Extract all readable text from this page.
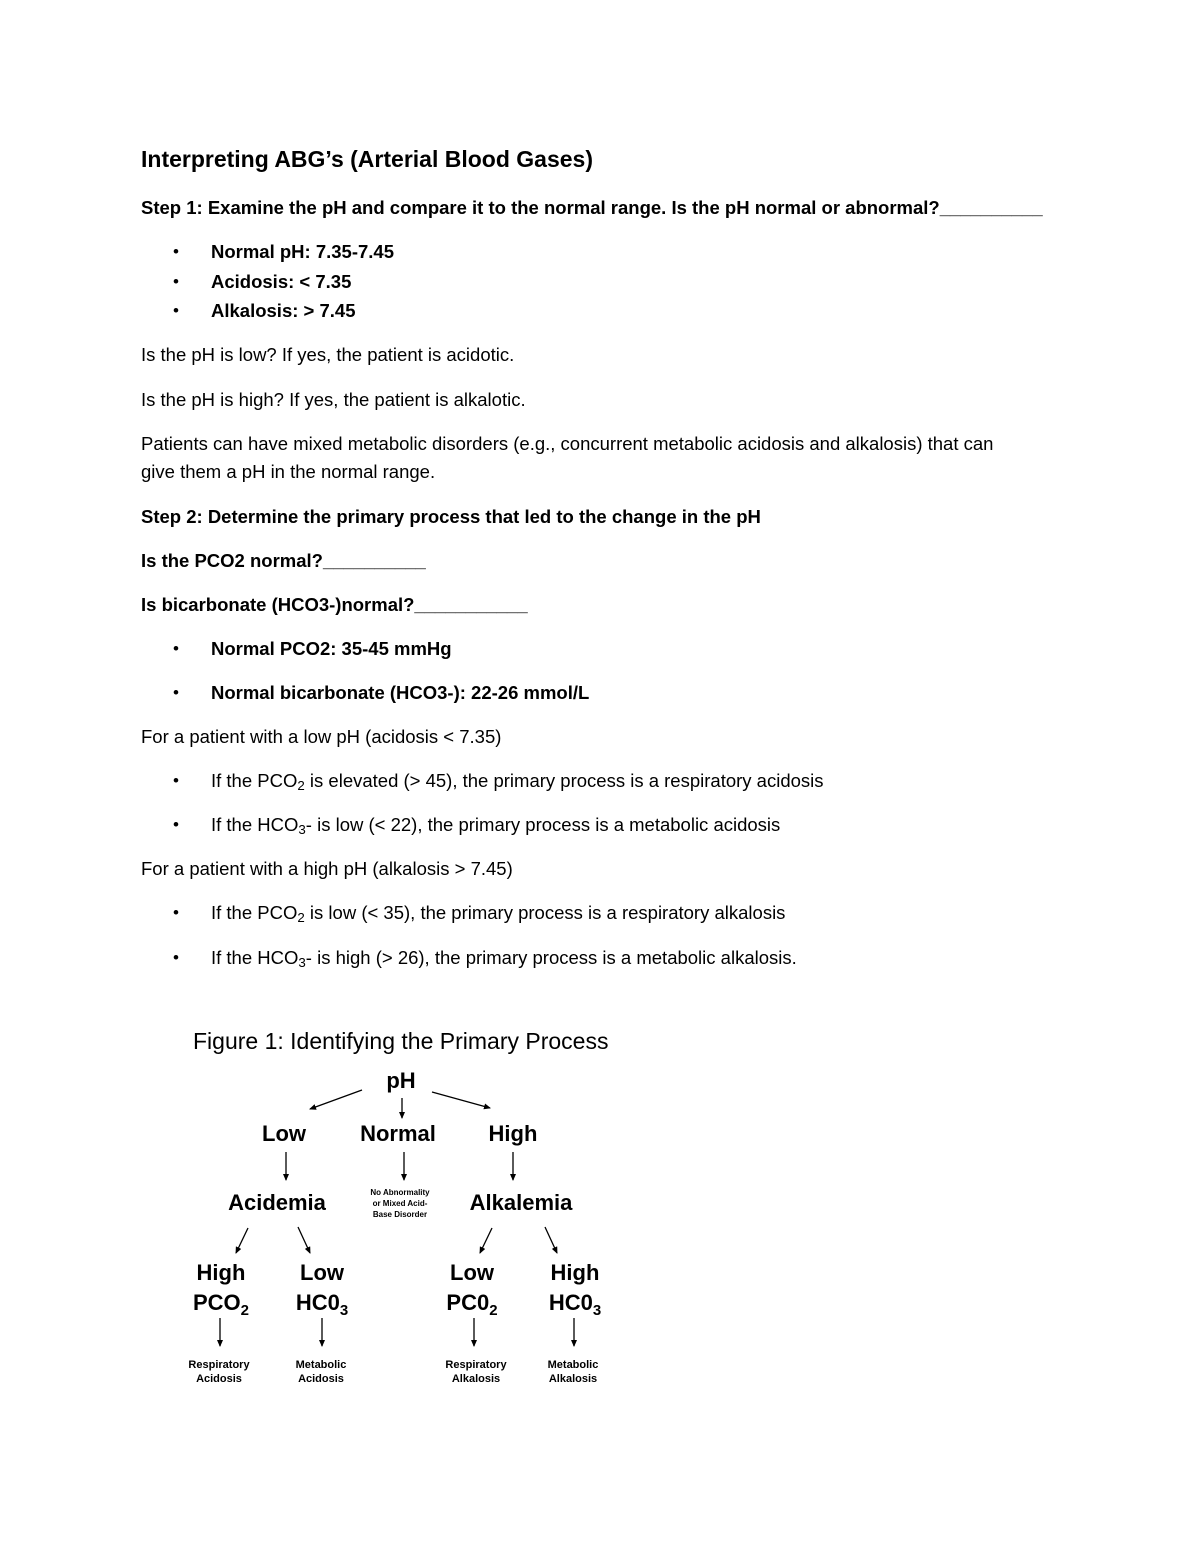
Interpreting ABG’s (Arterial Blood Gases)
Step 1: Examine the pH and compare it to the normal range. Is the pH normal or abnormal?__________
•
Normal pH: 7.35-7.45
•
Acidosis: < 7.35
•
Alkalosis: > 7.45
Is the pH is low? If yes, the patient is acidotic.
Is the pH is high? If yes, the patient is alkalotic.
Patients can have mixed metabolic disorders (e.g., concurrent metabolic acidosis and alkalosis) that can
give them a pH in the normal range.
Step 2: Determine the primary process that led to the change in the pH
Is the PCO2 normal?__________
Is bicarbonate (HCO3-)normal?___________
•
Normal PCO2: 35-45 mmHg
•
Normal bicarbonate (HCO3-): 22-26 mmol/L
For a patient with a low pH (acidosis < 7.35)
•
If the $PCO_2$ is elevated (> 45), the primary process is a respiratory acidosis
•
If the $HCO_3-$ is low (< 22), the primary process is a metabolic acidosis
For a patient with a high pH (alkalosis > 7.45)
•
If the $PCO_2$ is low (< 35), the primary process is a respiratory alkalosis
•
If the $HCO_3-$ is high (> 26), the primary process is a metabolic alkalosis.
Figure 1: Identifying the Primary Process
pH
Low Normal High
Acidemia	No Abnormality
or Mixed Acid-
Base Disorder Alkalemia
High Low	Low	High
$PCO_2$ $HC0_3$	$PC0_2$ $HC0_3$
Respiratory
Acidosis
Metabolic
Acidosis
Respiratory
Alkalosis
Metabolic
Alkalosis
